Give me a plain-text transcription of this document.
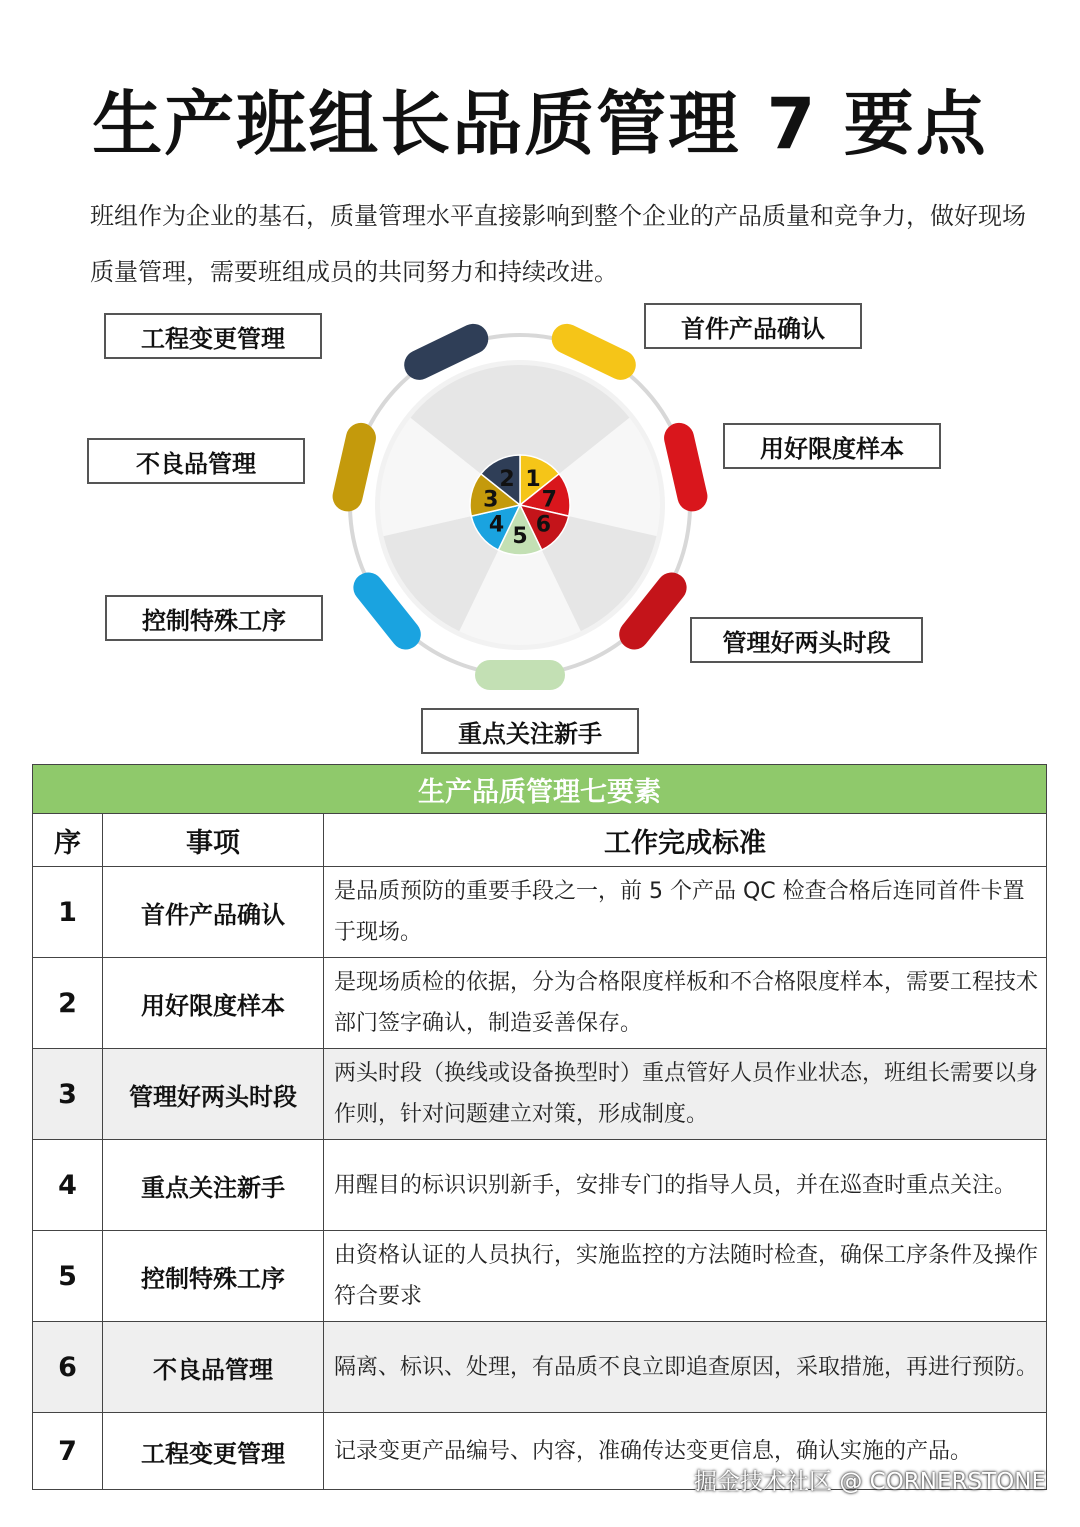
生产班组长品质管理 7 要点
班组作为企业的基石，质量管理水平直接影响到整个企业的产品质量和竞争力，做好现场质量管理，需要班组成员的共同努力和持续改进。
1
7
6
5
4
3
2
工程变更管理	首件产品确认
不良品管理
用好限度样本
控制特殊工序
管理好两头时段
重点关注新手
生产品质管理七要素		
序	事项	工作完成标准
1	首件产品确认	是品质预防的重要手段之一，前 5 个产品 QC 检查合格后连同首件卡置于现场。
2	用好限度样本	是现场质检的依据，分为合格限度样板和不合格限度样本，需要工程技术部门签字确认，制造妥善保存。
3	管理好两头时段	两头时段（换线或设备换型时）重点管好人员作业状态，班组长需要以身作则，针对问题建立对策，形成制度。
4	重点关注新手	用醒目的标识识别新手，安排专门的指导人员，并在巡查时重点关注。
5	控制特殊工序	由资格认证的人员执行，实施监控的方法随时检查，确保工序条件及操作符合要求
6	不良品管理	隔离、标识、处理，有品质不良立即追查原因，采取措施，再进行预防。
7	工程变更管理	记录变更产品编号、内容，准确传达变更信息，确认实施的产品。
掘金技术社区 @ CORNERSTONE
